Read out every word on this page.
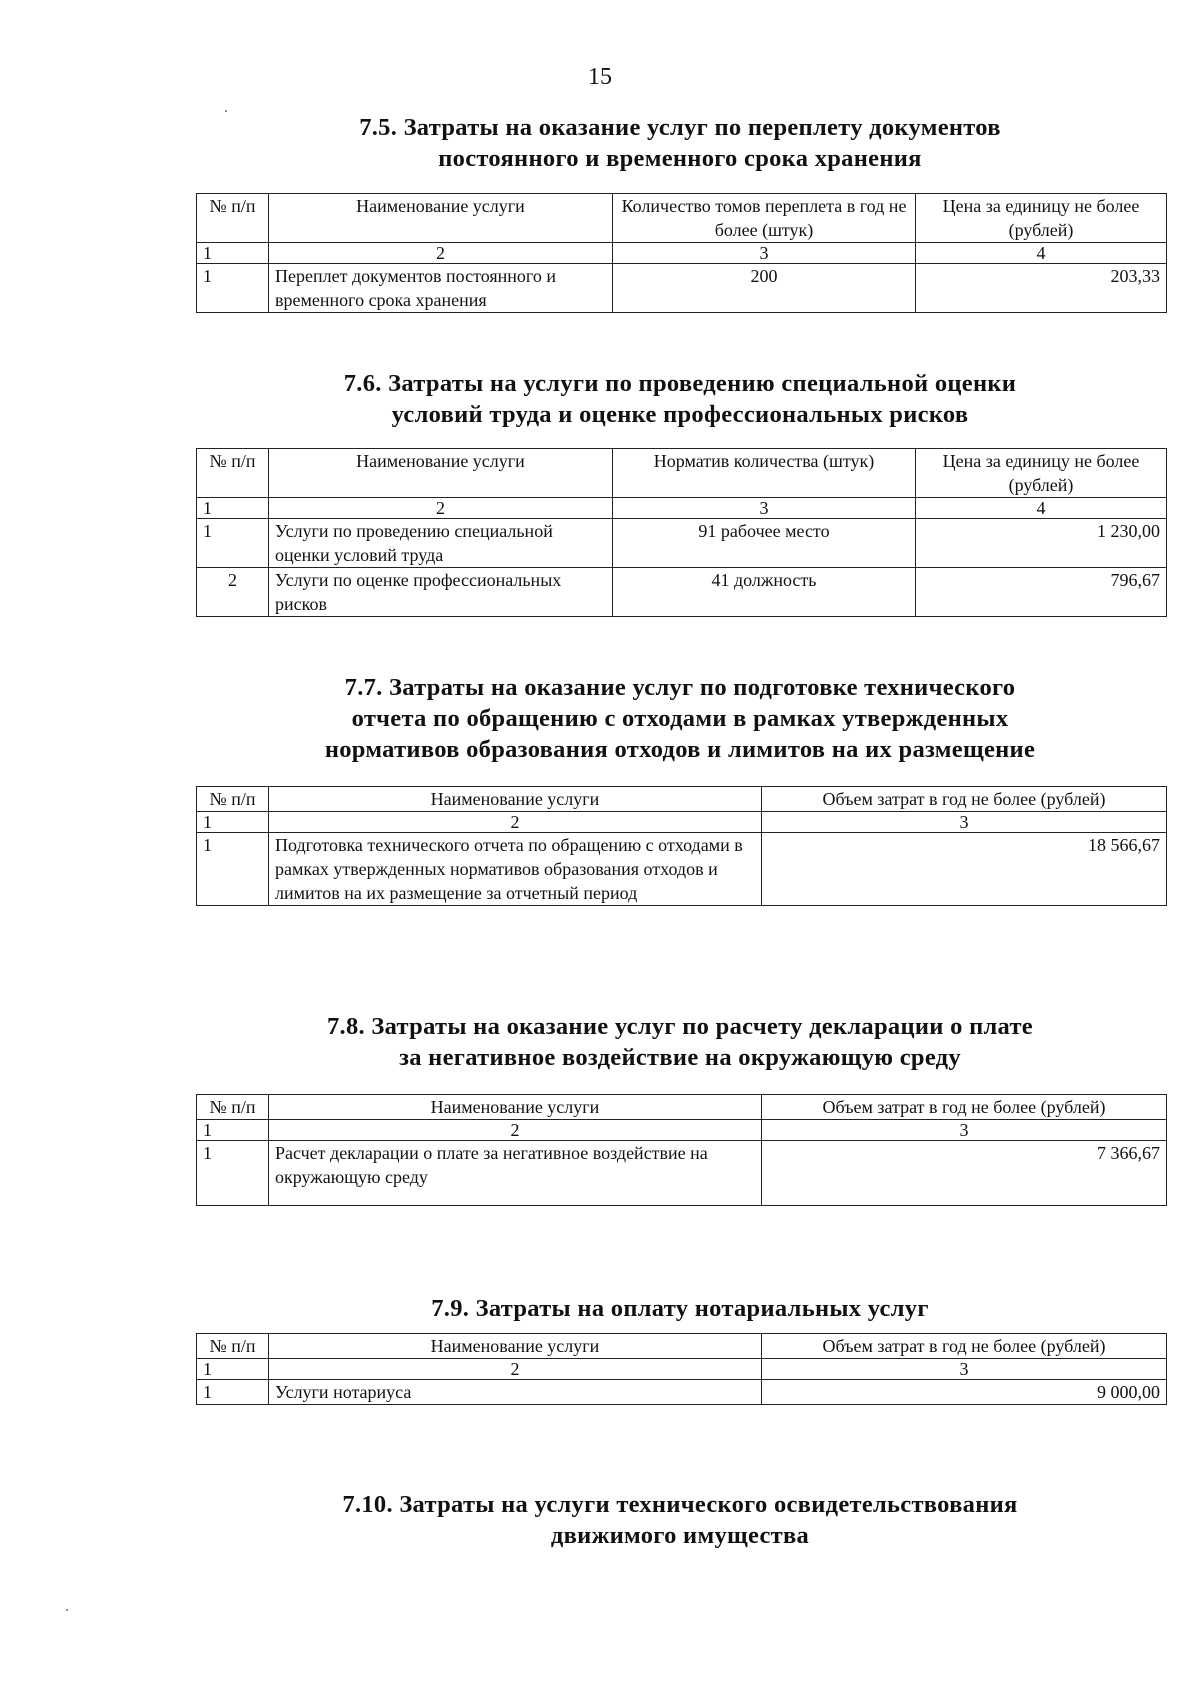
15
7.5. Затраты на оказание услуг по переплету документов
постоянного и временного срока хранения
№ п/п	Наименование услуги	Количество томов переплета в год не более (штук)	Цена за единицу не более (рублей)
1	2	3	4
1	Переплет документов постоянного и временного срока хранения	200	203,33
7.6. Затраты на услуги по проведению специальной оценки
условий труда и оценке профессиональных рисков
№ п/п	Наименование услуги	Норматив количества (штук)	Цена за единицу не более (рублей)
1	2	3	4
1	Услуги по проведению специальной оценки условий труда	91 рабочее место	1 230,00
2	Услуги по оценке профессиональных рисков	41 должность	796,67
7.7. Затраты на оказание услуг по подготовке технического
отчета по обращению с отходами в рамках утвержденных
нормативов образования отходов и лимитов на их размещение
№ п/п	Наименование услуги	Объем затрат в год не более (рублей)
1	2	3
1	Подготовка технического отчета по обращению с отходами в рамках утвержденных нормативов образования отходов и лимитов на их размещение за отчетный период	18 566,67
7.8. Затраты на оказание услуг по расчету декларации о плате
за негативное воздействие на окружающую среду
№ п/п	Наименование услуги	Объем затрат в год не более (рублей)
1	2	3
1	Расчет декларации о плате за негативное воздействие на окружающую среду	7 366,67
7.9. Затраты на оплату нотариальных услуг
№ п/п	Наименование услуги	Объем затрат в год не более (рублей)
1	2	3
1	Услуги нотариуса	9 000,00
7.10. Затраты на услуги технического освидетельствования
движимого имущества
